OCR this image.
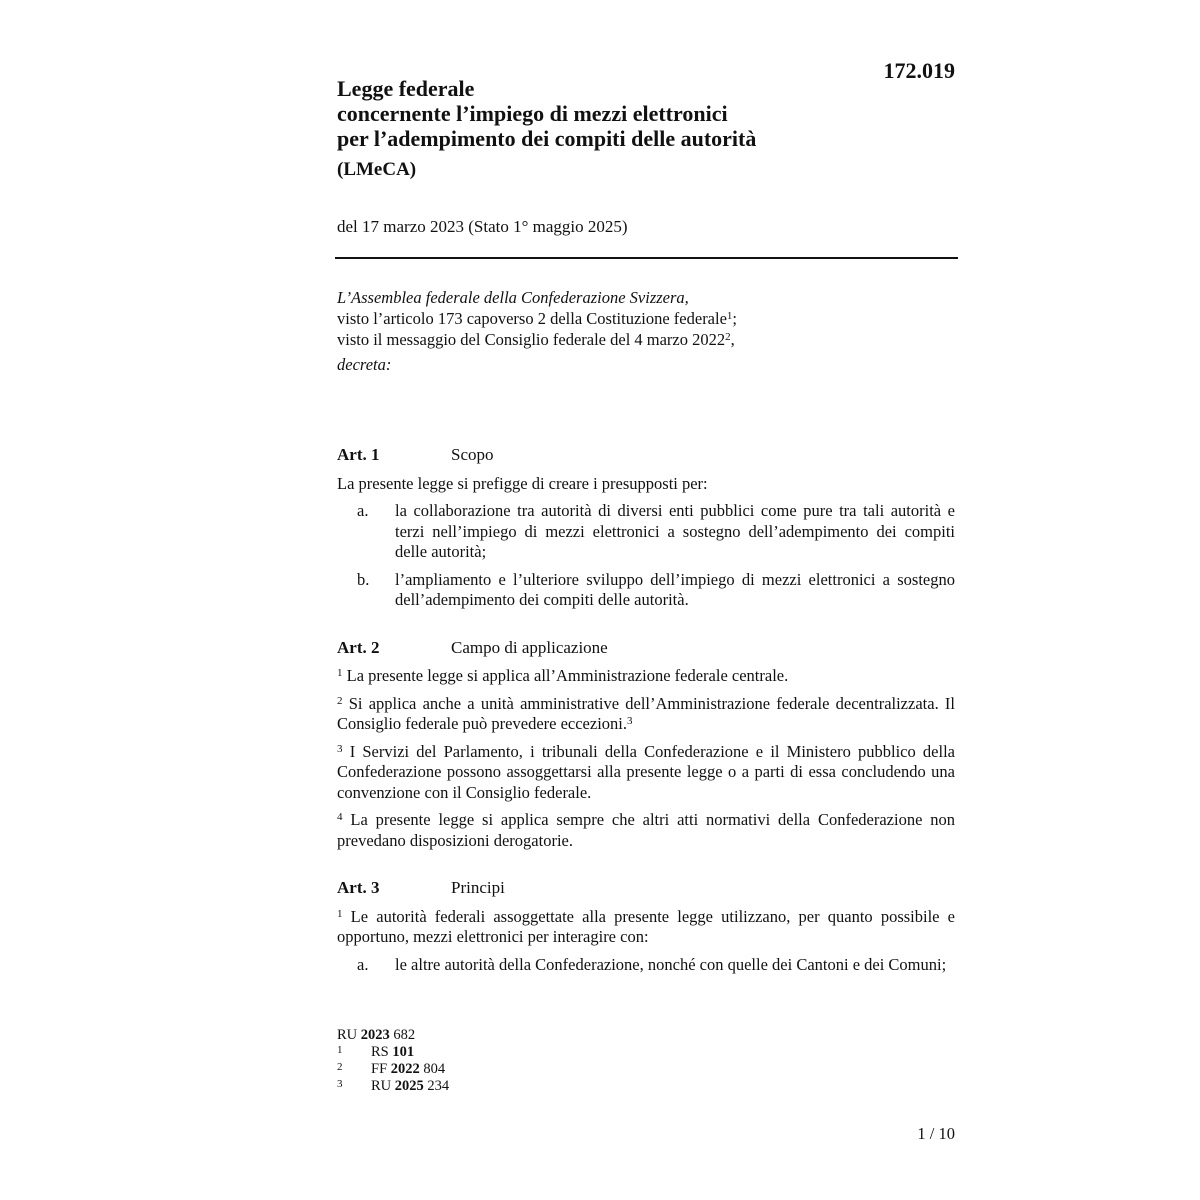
172.019
Legge federale
concernente l’impiego di mezzi elettronici
per l’adempimento dei compiti delle autorità
(LMeCA)
del 17 marzo 2023 (Stato 1° maggio 2025)
L’Assemblea federale della Confederazione Svizzera,
visto l’articolo 173 capoverso 2 della Costituzione federale$^1$;
visto il messaggio del Consiglio federale del 4 marzo 2022$^2$,
decreta:
Art. 1	Scopo
La presente legge si prefigge di creare i presupposti per:
a.	la collaborazione tra autorità di diversi enti pubblici come pure tra tali autorità e terzi nell’impiego di mezzi elettronici a sostegno dell’adempimento dei compiti delle autorità;
b.	l’ampliamento e l’ulteriore sviluppo dell’impiego di mezzi elettronici a sostegno dell’adempimento dei compiti delle autorità.
Art. 2	Campo di applicazione
$^1$ La presente legge si applica all’Amministrazione federale centrale.
$^2$ Si applica anche a unità amministrative dell’Amministrazione federale decentralizzata. Il Consiglio federale può prevedere eccezioni.$^3$
$^3$ I Servizi del Parlamento, i tribunali della Confederazione e il Ministero pubblico della Confederazione possono assoggettarsi alla presente legge o a parti di essa concludendo una convenzione con il Consiglio federale.
$^4$ La presente legge si applica sempre che altri atti normativi della Confederazione non prevedano disposizioni derogatorie.
Art. 3	Principi
$^1$ Le autorità federali assoggettate alla presente legge utilizzano, per quanto possibile e opportuno, mezzi elettronici per interagire con:
a.	le altre autorità della Confederazione, nonché con quelle dei Cantoni e dei Comuni;
RU 2023 682
1	RS 101
2	FF 2022 804
3	RU 2025 234
1 / 10
